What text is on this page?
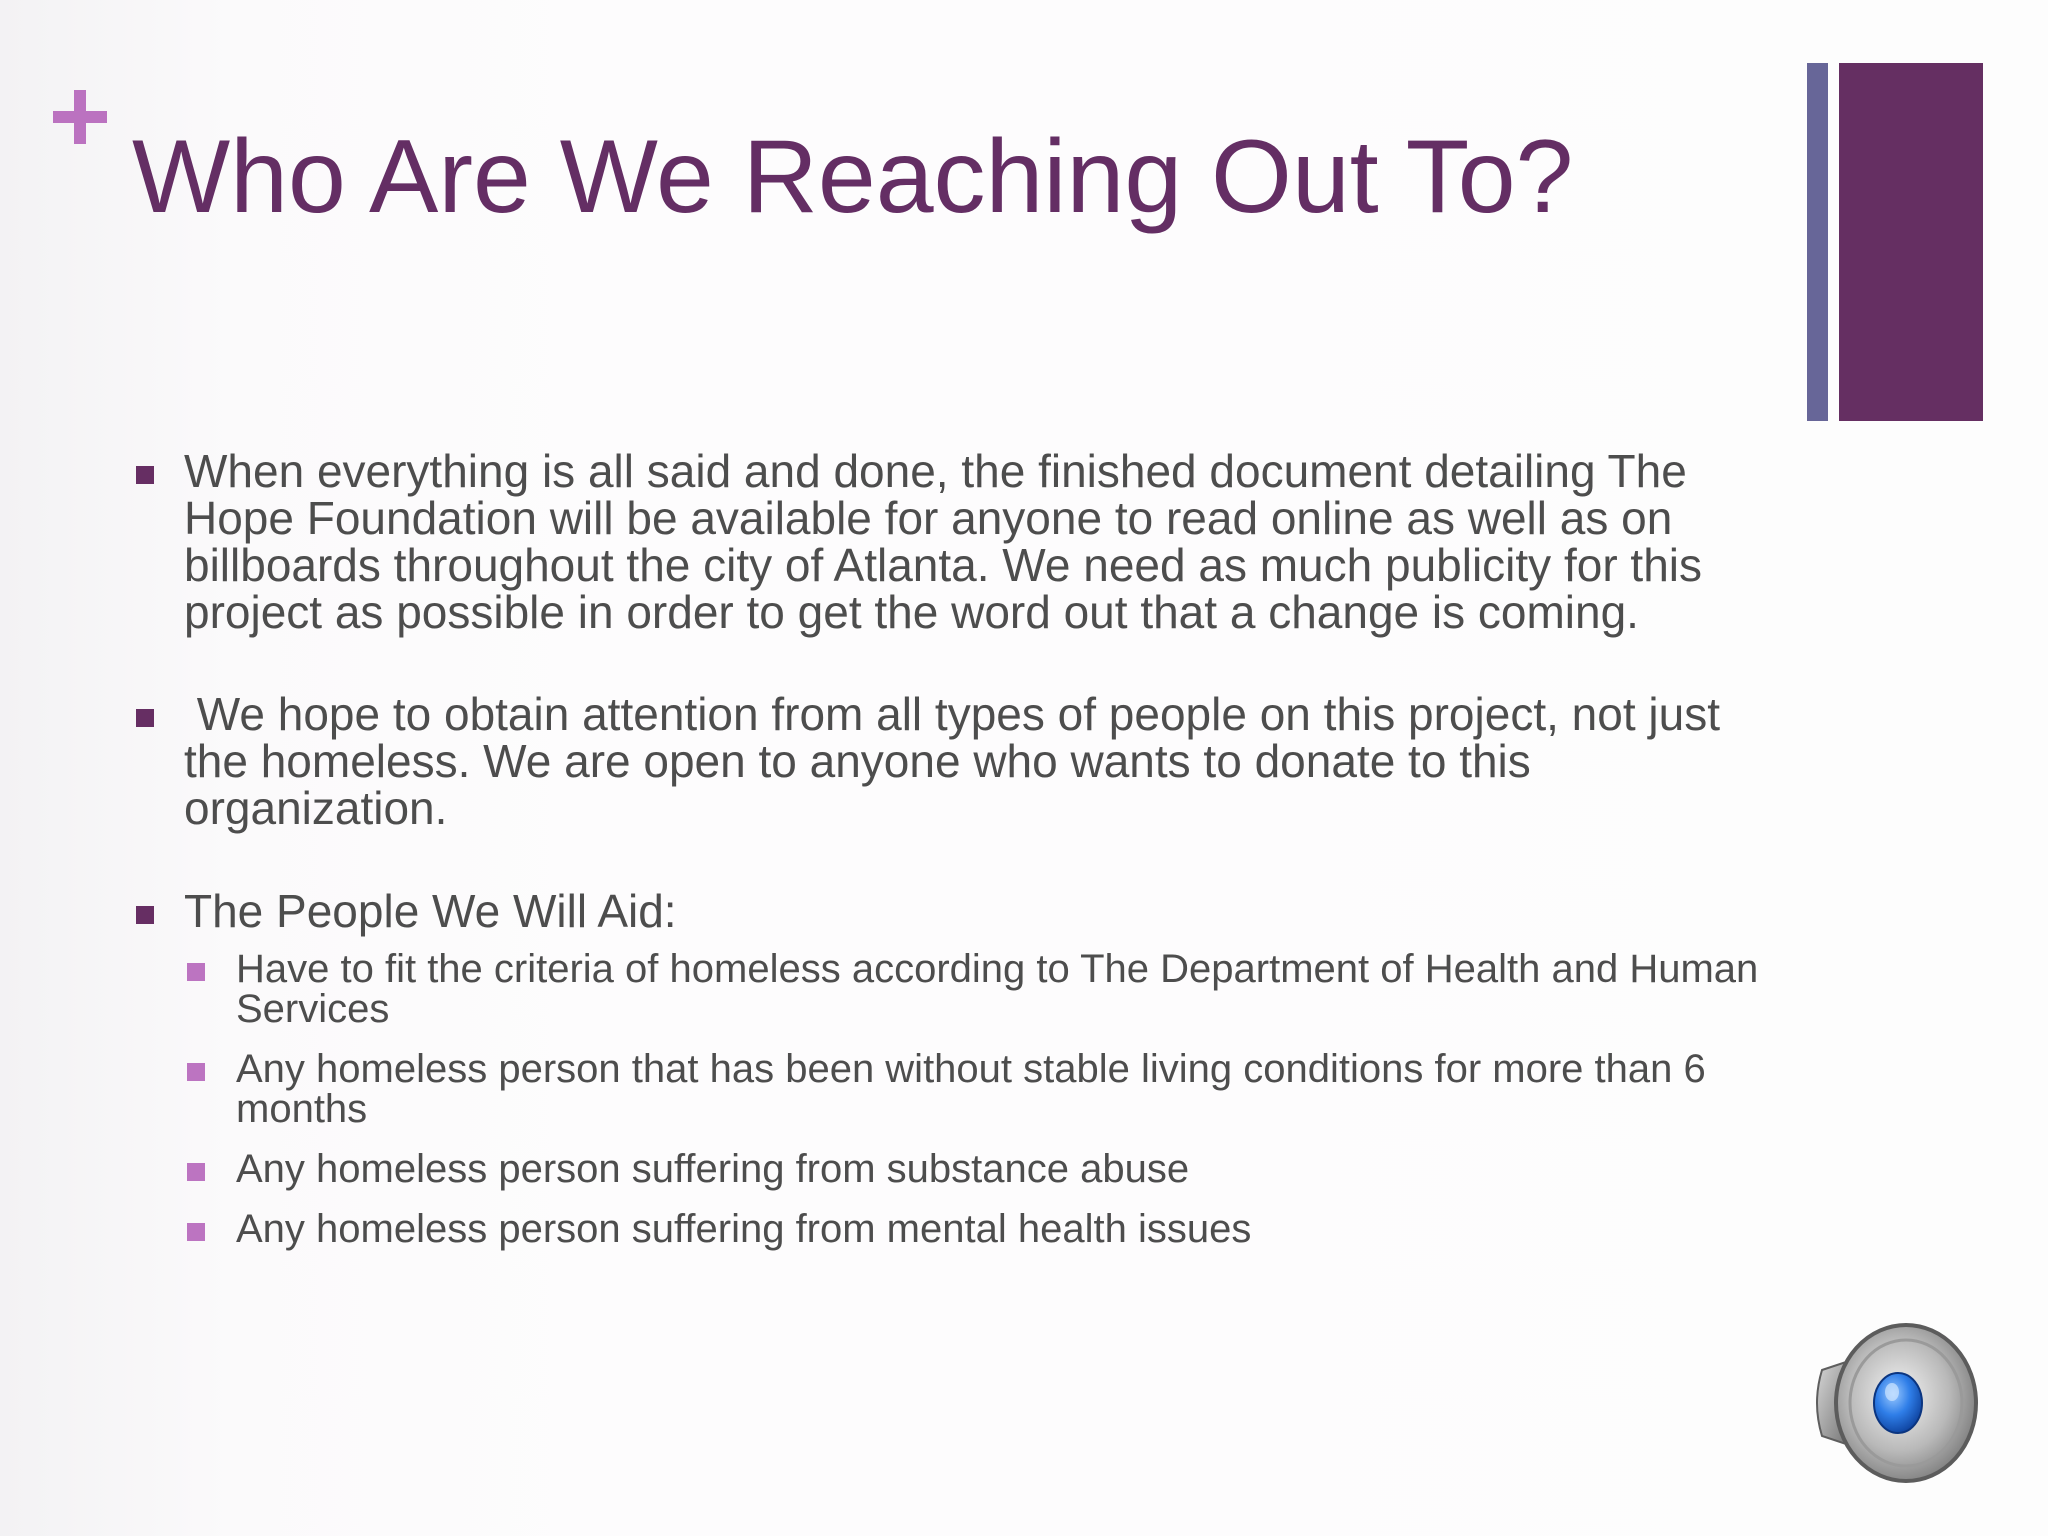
Who Are We Reaching Out To?
When everything is all said and done, the finished document detailing The Hope Foundation will be available for anyone to read online as well as on billboards throughout the city of Atlanta. We need as much publicity for this project as possible in order to get the word out that a change is coming.
We hope to obtain attention from all types of people on this project, not just the homeless. We are open to anyone who wants to donate to this organization.
The People We Will Aid:
Have to fit the criteria of homeless according to The Department of Health and Human Services
Any homeless person that has been without stable living conditions for more than 6 months
Any homeless person suffering from substance abuse
Any homeless person suffering from mental health issues
